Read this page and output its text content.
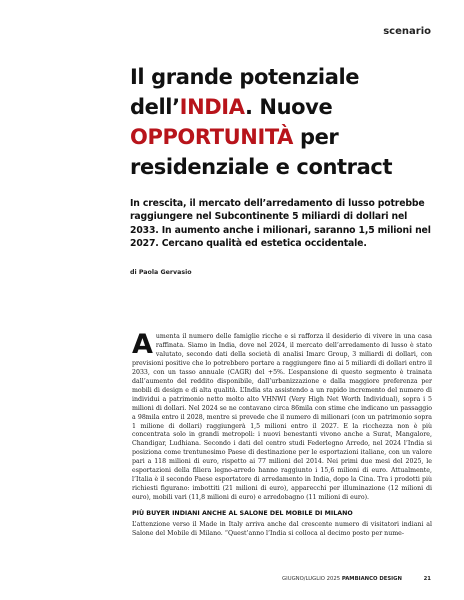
scenario
Il grande potenziale
dell’INDIA. Nuove
OPPORTUNITÀ per
residenziale e contract

In crescita, il mercato dell’arredamento di lusso potrebbe raggiungere nel Subcontinente 5 miliardi di dollari nel 2033. In aumento anche i milionari, saranno 1,5 milioni nel 2027. Cercano qualità ed estetica occidentale.

di Paola Gervasio
A umenta il numero delle famiglie ricche e si rafforza il desiderio di vivere in una casa raffinata. Siamo in India, dove nel 2024, il mercato dell’arredamento di lusso è stato valutato, secondo dati della società di analisi Imarc Group, 3 miliardi di dollari, con previsioni positive che lo potrebbero portare a raggiungere fino ai 5 miliardi di dollari entro il 2033, con un tasso annuale (CAGR) del +5%. L’espansione di questo segmento è trainata dall’aumento del reddito disponibile, dall’urbanizzazione e dalla maggiore preferenza per mobili di design e di alta qualità. L’India sta assistendo a un rapido incremento del numero di individui a patrimonio netto molto alto VHNWI (Very High Net Worth Individual), sopra i 5 milioni di dollari. Nel 2024 se ne contavano circa 86mila con stime che indicano un passaggio a 98mila entro il 2028, mentre si prevede che il numero di milionari (con un patrimonio sopra 1 milione di dollari) raggiungerà 1,5 milioni entro il 2027. E la ricchezza non è più concentrata solo in grandi metropoli: i nuovi benestanti vivono anche a Surat, Mangalore, Chandigar, Ludhiana. Secondo i dati del centro studi Federlegno Arredo, nel 2024 l’India si posiziona come trentunesimo Paese di destinazione per le esportazioni italiane, con un valore pari a 118 milioni di euro, rispetto ai 77 milioni del 2014. Nei primi due mesi del 2025, le esportazioni della filiera legno-arredo hanno raggiunto i 15,6 milioni di euro. Attualmente, l’Italia è il secondo Paese esportatore di arredamento in India, dopo la Cina. Tra i prodotti più richiesti figurano: imbottiti (21 milioni di euro), apparecchi per illuminazione (12 milioni di euro), mobili vari (11,8 milioni di euro) e arredobagno (11 milioni di euro).

PIÙ BUYER INDIANI ANCHE AL SALONE DEL MOBILE DI MILANO

L’attenzione verso il Made in Italy arriva anche dal crescente numero di visitatori indiani al Salone del Mobile di Milano. “Quest’anno l’India si colloca al decimo posto per nume-

GIUGNO/LUGLIO 2025 PAMBIANCO DESIGN	21
